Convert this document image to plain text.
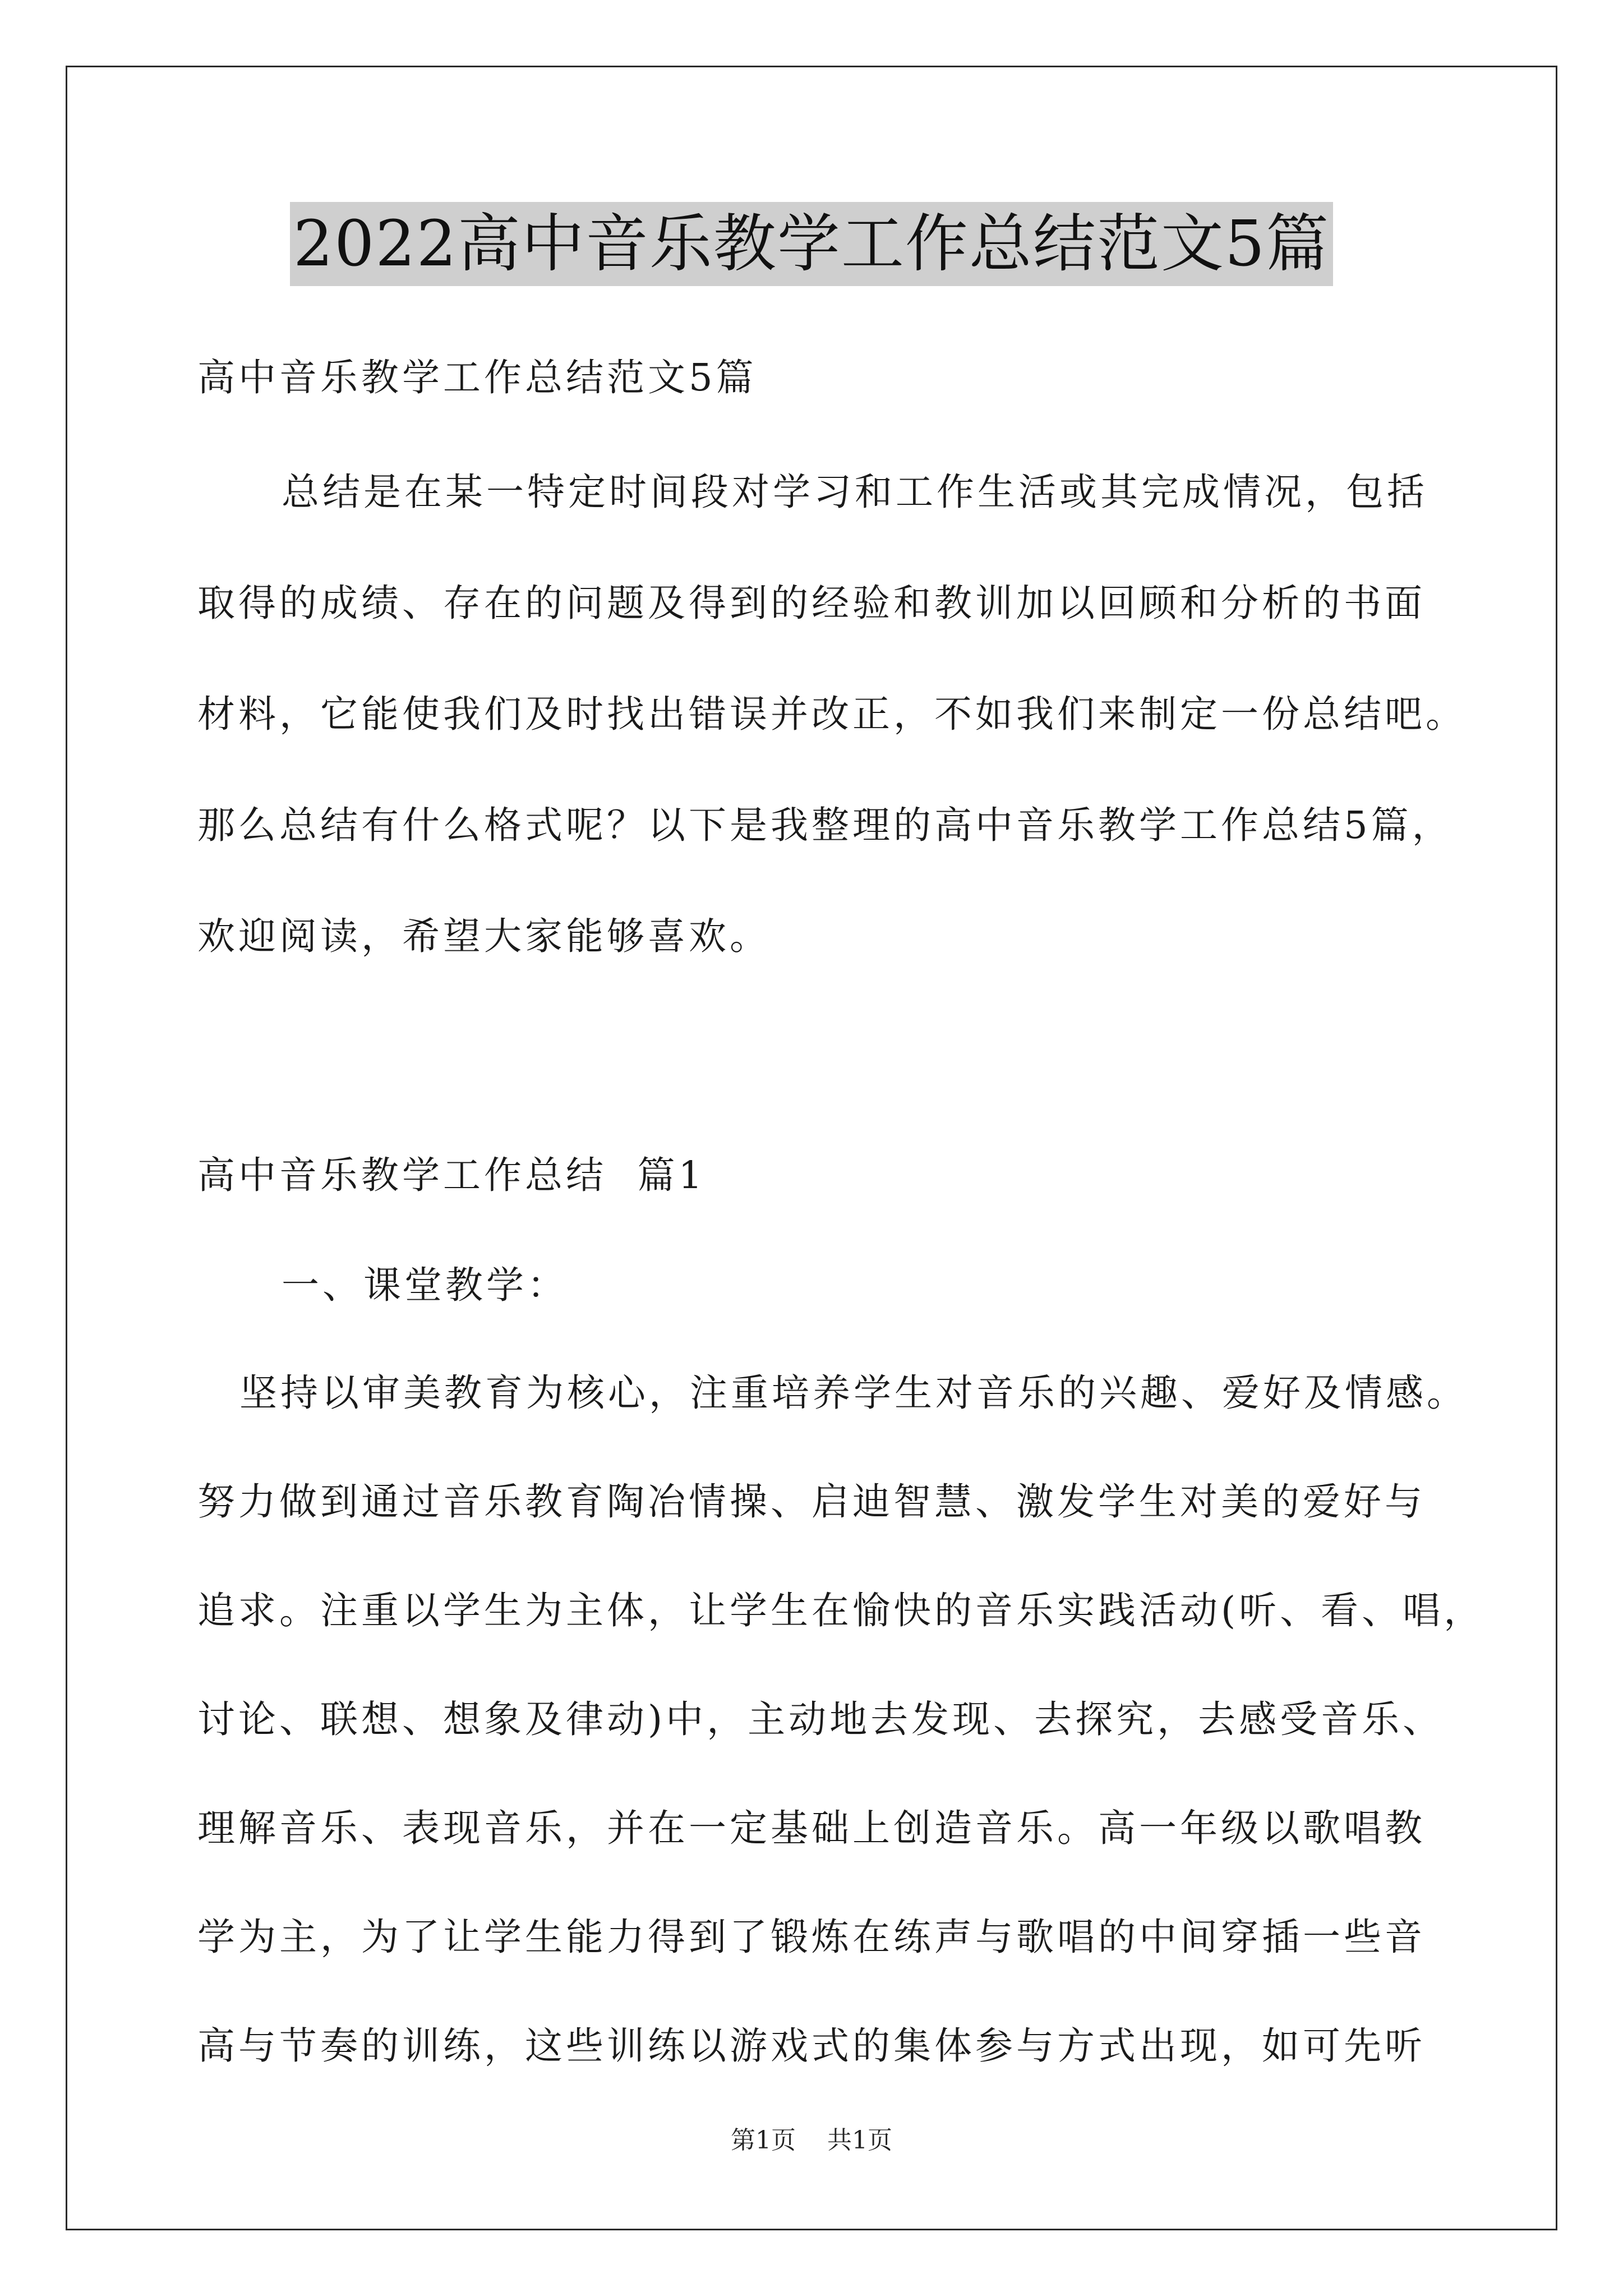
2022高中音乐教学工作总结范文5篇
高中音乐教学工作总结范文5篇
总结是在某一特定时间段对学习和工作生活或其完成情况，包括
取得的成绩、存在的问题及得到的经验和教训加以回顾和分析的书面
材料，它能使我们及时找出错误并改正，不如我们来制定一份总结吧。
那么总结有什么格式呢？以下是我整理的高中音乐教学工作总结5篇，
欢迎阅读，希望大家能够喜欢。
高中音乐教学工作总结  篇1
一、课堂教学：
坚持以审美教育为核心，注重培养学生对音乐的兴趣、爱好及情感。
努力做到通过音乐教育陶冶情操、启迪智慧、激发学生对美的爱好与
追求。注重以学生为主体，让学生在愉快的音乐实践活动(听、看、唱，
讨论、联想、想象及律动)中，主动地去发现、去探究，去感受音乐、
理解音乐、表现音乐，并在一定基础上创造音乐。高一年级以歌唱教
学为主，为了让学生能力得到了锻炼在练声与歌唱的中间穿插一些音
高与节奏的训练，这些训练以游戏式的集体参与方式出现，如可先听
第1页    共1页
